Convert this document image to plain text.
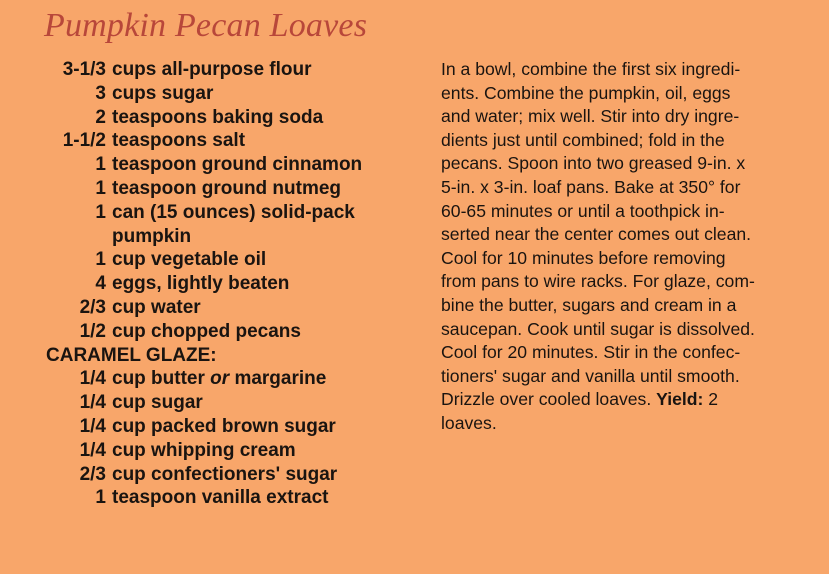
Pumpkin Pecan Loaves
3-1/3 cups all-purpose flour
3 cups sugar
2 teaspoons baking soda
1-1/2 teaspoons salt
1 teaspoon ground cinnamon
1 teaspoon ground nutmeg
1 can (15 ounces) solid-pack
pumpkin
1 cup vegetable oil
4 eggs, lightly beaten
2/3 cup water
1/2 cup chopped pecans
CARAMEL GLAZE:
1/4 cup butter or margarine
1/4 cup sugar
1/4 cup packed brown sugar
1/4 cup whipping cream
2/3 cup confectioners' sugar
1 teaspoon vanilla extract
In a bowl, combine the first six ingredi-
ents. Combine the pumpkin, oil, eggs
and water; mix well. Stir into dry ingre-
dients just until combined; fold in the
pecans. Spoon into two greased 9-in. x
5-in. x 3-in. loaf pans. Bake at 350° for
60-65 minutes or until a toothpick in-
serted near the center comes out clean.
Cool for 10 minutes before removing
from pans to wire racks. For glaze, com-
bine the butter, sugars and cream in a
saucepan. Cook until sugar is dissolved.
Cool for 20 minutes. Stir in the confec-
tioners' sugar and vanilla until smooth.
Drizzle over cooled loaves. Yield: 2
loaves.
